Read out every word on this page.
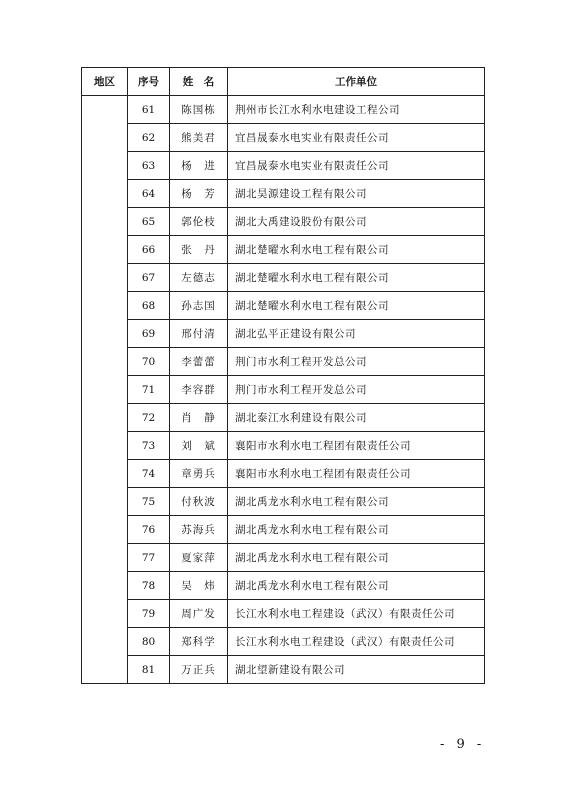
地区	序号	姓　名	工作单位
	61	陈国栋	荆州市长江水利水电建设工程公司
	62	熊美君	宜昌晟泰水电实业有限责任公司
	63	杨　进	宜昌晟泰水电实业有限责任公司
	64	杨　芳	湖北昊源建设工程有限公司
	65	郭伦枝	湖北大禹建设股份有限公司
	66	张　丹	湖北楚曜水利水电工程有限公司
	67	左德志	湖北楚曜水利水电工程有限公司
	68	孙志国	湖北楚曜水利水电工程有限公司
	69	邢付清	湖北弘平正建设有限公司
	70	李蕾蕾	荆门市水利工程开发总公司
	71	李容群	荆门市水利工程开发总公司
	72	肖　静	湖北泰江水利建设有限公司
	73	刘　斌	襄阳市水利水电工程团有限责任公司
	74	章勇兵	襄阳市水利水电工程团有限责任公司
	75	付秋波	湖北禹龙水利水电工程有限公司
	76	苏海兵	湖北禹龙水利水电工程有限公司
	77	夏家萍	湖北禹龙水利水电工程有限公司
	78	吴　炜	湖北禹龙水利水电工程有限公司
	79	周广发	长江水利水电工程建设（武汉）有限责任公司
	80	郑科学	长江水利水电工程建设（武汉）有限责任公司
	81	万正兵	湖北望新建设有限公司
- 9 -
